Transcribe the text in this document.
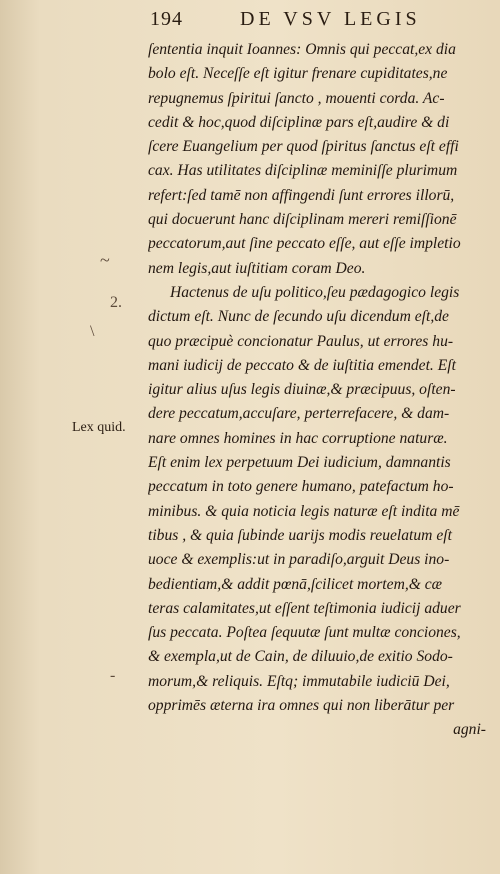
194	DE VSV LEGIS
~
2.
\
Lex quid.
-
ſententia inquit Ioannes: Omnis qui peccat,ex dia
bolo eſt. Neceſſe eſt igitur frenare cupiditates,ne
repugnemus ſpiritui ſancto , mouenti corda. Ac-
cedit & hoc,quod diſciplinæ pars eſt,audire & di
ſcere Euangelium per quod ſpiritus ſanctus eſt effi
cax. Has utilitates diſciplinæ meminiſſe plurimum
refert:ſed tamē non affingendi ſunt errores illorū,
qui docuerunt hanc diſciplinam mereri remiſſionē
peccatorum,aut ſine peccato eſſe, aut eſſe impletio
nem legis,aut iuſtitiam coram Deo.
Hactenus de uſu politico,ſeu pædagogico legis
dictum eſt. Nunc de ſecundo uſu dicendum eſt,de
quo præcipuè concionatur Paulus, ut errores hu-
mani iudicij de peccato & de iuſtitia emendet. Eſt
igitur alius uſus legis diuinæ,& præcipuus, oſten-
dere peccatum,accuſare, perterrefacere, & dam-
nare omnes homines in hac corruptione naturæ.
Eſt enim lex perpetuum Dei iudicium, damnantis
peccatum in toto genere humano, patefactum ho-
minibus. & quia noticia legis naturæ eſt indita mē
tibus , & quia ſubinde uarijs modis reuelatum eſt
uoce & exemplis:ut in paradiſo,arguit Deus ino-
bedientiam,& addit pœnā,ſcilicet mortem,& cæ
teras calamitates,ut eſſent teſtimonia iudicij aduer
ſus peccata. Poſtea ſequutæ ſunt multæ conciones,
& exempla,ut de Cain, de diluuio,de exitio Sodo-
morum,& reliquis. Eſtq; immutabile iudiciū Dei,
opprimēs æterna ira omnes qui non liberātur per
agni-
